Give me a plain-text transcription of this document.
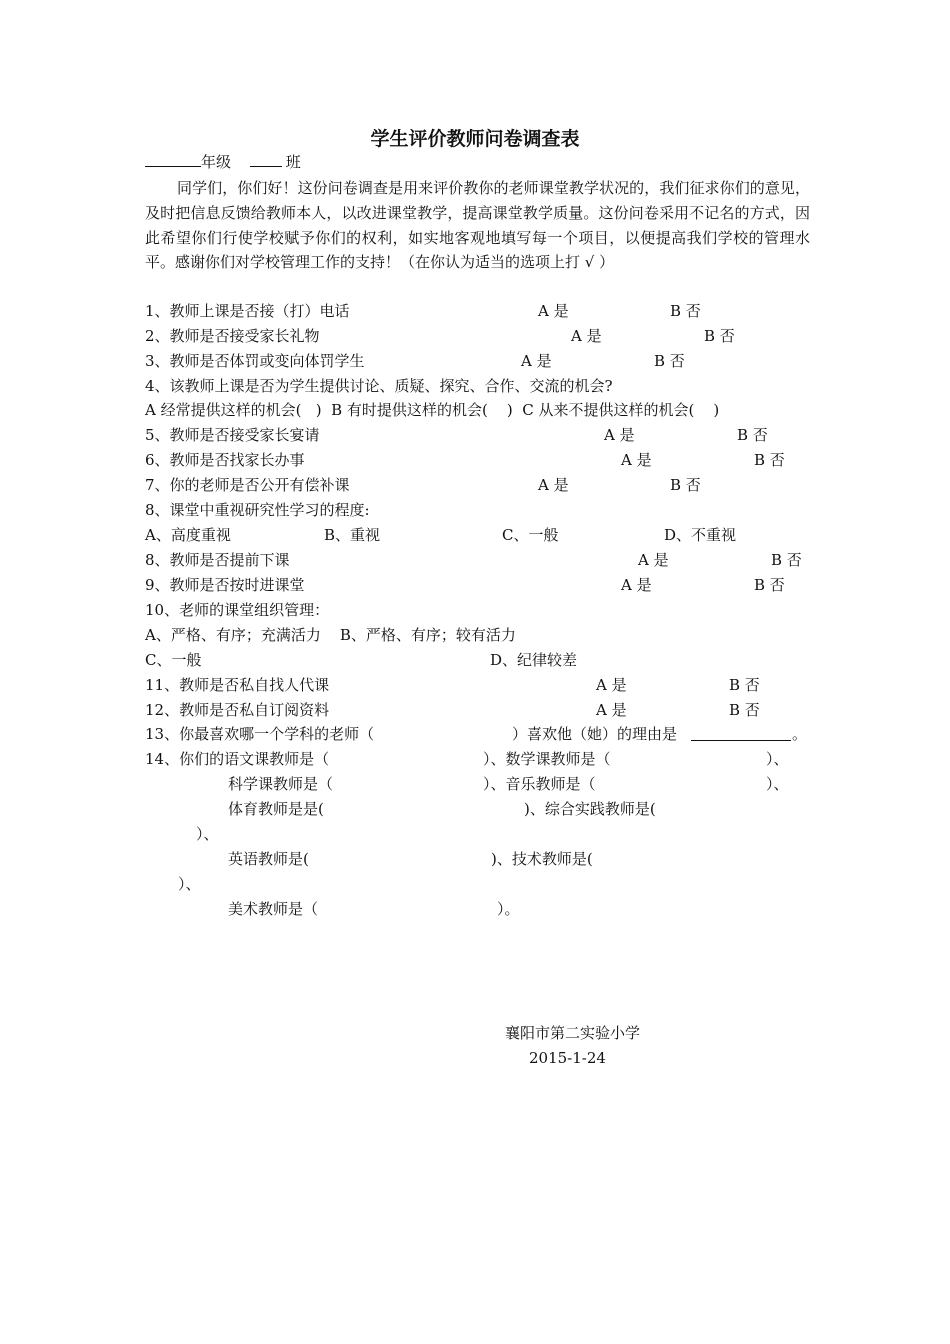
学生评价教师问卷调查表
年级	班
同学们，你们好！这份问卷调查是用来评价教你的老师课堂教学状况的，我们征求你们的意见，及时把信息反馈给教师本人，以改进课堂教学，提高课堂教学质量。这份问卷采用不记名的方式，因此希望你们行使学校赋予你们的权利，如实地客观地填写每一个项目，以便提高我们学校的管理水平。感谢你们对学校管理工作的支持！（在你认为适当的选项上打 √ ）
1、教师上课是否接（打）电话	A 是	B 否
2、教师是否接受家长礼物	A 是	B 否
3、教师是否体罚或变向体罚学生	A 是	B 否
4、该教师上课是否为学生提供讨论、质疑、探究、合作、交流的机会?
A 经常提供这样的机会(   )  B 有时提供这样的机会(    )  C 从来不提供这样的机会(    )
5、教师是否接受家长宴请	A 是	B 否
6、教师是否找家长办事	A 是	B 否
7、你的老师是否公开有偿补课	A 是	B 否
8、课堂中重视研究性学习的程度:
A、高度重视	B、重视	C、一般	D、不重视
8、教师是否提前下课	A 是	B 否
9、教师是否按时进课堂	A 是	B 否
10、老师的课堂组织管理：
A、严格、有序；充满活力    B、严格、有序；较有活力
C、一般	D、纪律较差
11、教师是否私自找人代课	A 是	B 否
12、教师是否私自订阅资料	A 是	B 否
13、你最喜欢哪一个学科的老师（	）喜欢他（她）的理由是	。
14、你们的语文课教师是（	）、数学课教师是（	）、
科学课教师是（	）、音乐教师是（	）、
体育教师是是(	)、综合实践教师是(
）、
英语教师是(	)、技术教师是(
）、
美术教师是（	）。
襄阳市第二实验小学
2015-1-24
